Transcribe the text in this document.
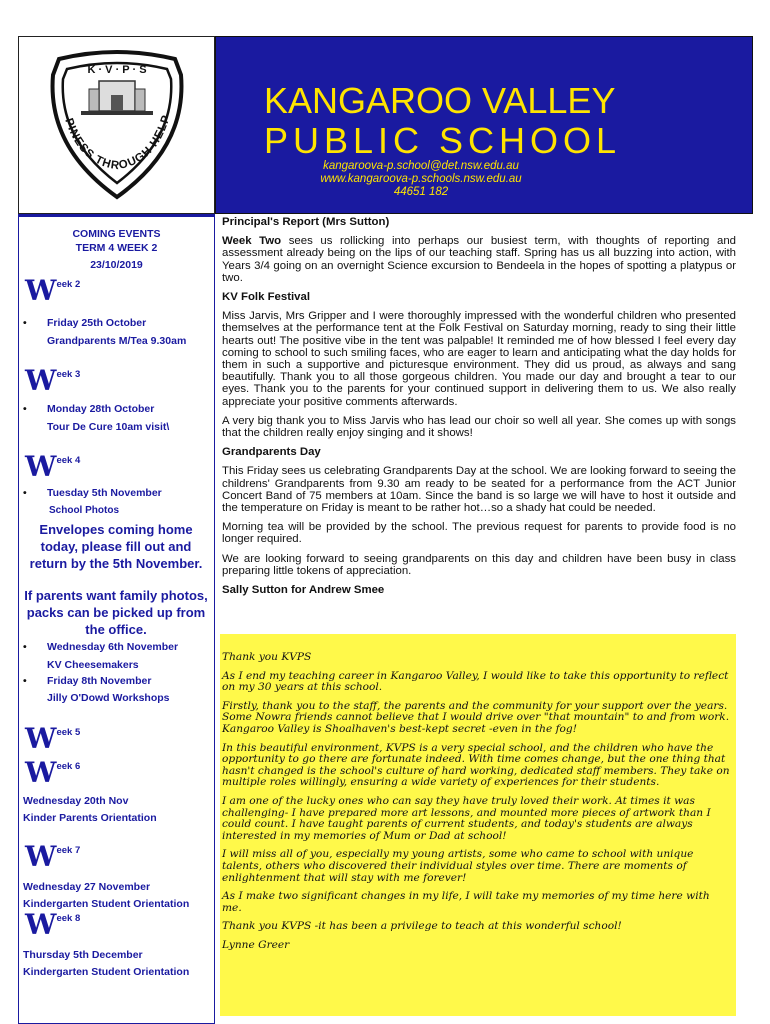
K · V · P · S
PINESS THROUGH HELP	KANGAROO VALLEY
PUBLIC SCHOOL
kangaroova-p.school@det.nsw.edu.au
www.kangaroova-p.schools.nsw.edu.au
44651 182
COMING EVENTS
TERM 4 WEEK 2
23/10/2019
Week 2
• Friday 25th October
Grandparents M/Tea 9.30am
Week 3
• Monday 28th October
Tour De Cure 10am visit\
Week 4
• Tuesday 5th November
School Photos
Envelopes coming home today, please fill out and return by the 5th November.
If parents want family photos, packs can be picked up from the office.
• Wednesday 6th November
KV Cheesemakers
• Friday 8th November
Jilly O'Dowd Workshops
Week 5
Week 6
Wednesday 20th Nov
Kinder Parents Orientation
Week 7
Wednesday 27 November
Kindergarten Student Orientation
Week 8
Thursday 5th December
Kindergarten Student Orientation
Principal's Report (Mrs Sutton)

Week Two sees us rollicking into perhaps our busiest term, with thoughts of reporting and assessment already being on the lips of our teaching staff. Spring has us all buzzing into action, with Years 3/4 going on an overnight Science excursion to Bendeela in the hopes of spotting a platypus or two.

KV Folk Festival

Miss Jarvis, Mrs Gripper and I were thoroughly impressed with the wonderful children who presented themselves at the performance tent at the Folk Festival on Saturday morning, ready to sing their little hearts out! The positive vibe in the tent was palpable! It reminded me of how blessed I feel every day coming to school to such smiling faces, who are eager to learn and anticipating what the day holds for them in such a supportive and picturesque environment. They did us proud, as always and sang beautifully. Thank you to all those gorgeous children. You made our day and brought a tear to our eyes. Thank you to the parents for your continued support in delivering them to us. We also really appreciate your positive comments afterwards.

A very big thank you to Miss Jarvis who has lead our choir so well all year. She comes up with songs that the children really enjoy singing and it shows!

Grandparents Day

This Friday sees us celebrating Grandparents Day at the school. We are looking forward to seeing the childrens' Grandparents from 9.30 am ready to be seated for a performance from the ACT Junior Concert Band of 75 members at 10am. Since the band is so large we will have to host it outside and the temperature on Friday is meant to be rather hot…so a shady hat could be needed.

Morning tea will be provided by the school. The previous request for parents to provide food is no longer required.

We are looking forward to seeing grandparents on this day and children have been busy in class preparing little tokens of appreciation.

Sally Sutton for Andrew Smee

Thank you KVPS

As I end my teaching career in Kangaroo Valley, I would like to take this opportunity to reflect on my 30 years at this school.

Firstly, thank you to the staff, the parents and the community for your support over the years. Some Nowra friends cannot believe that I would drive over "that mountain" to and from work. Kangaroo Valley is Shoalhaven's best-kept secret -even in the fog!

In this beautiful environment, KVPS is a very special school, and the children who have the opportunity to go there are fortunate indeed. With time comes change, but the one thing that hasn't changed is the school's culture of hard working, dedicated staff members. They take on multiple roles willingly, ensuring a wide variety of experiences for their students.

I am one of the lucky ones who can say they have truly loved their work. At times it was challenging- I have prepared more art lessons, and mounted more pieces of artwork than I could count. I have taught parents of current students, and today's students are always interested in my memories of Mum or Dad at school!

I will miss all of you, especially my young artists, some who came to school with unique talents, others who discovered their individual styles over time. There are moments of enlightenment that will stay with me forever!

As I make two significant changes in my life, I will take my memories of my time here with me.

Thank you KVPS -it has been a privilege to teach at this wonderful school!

Lynne Greer
